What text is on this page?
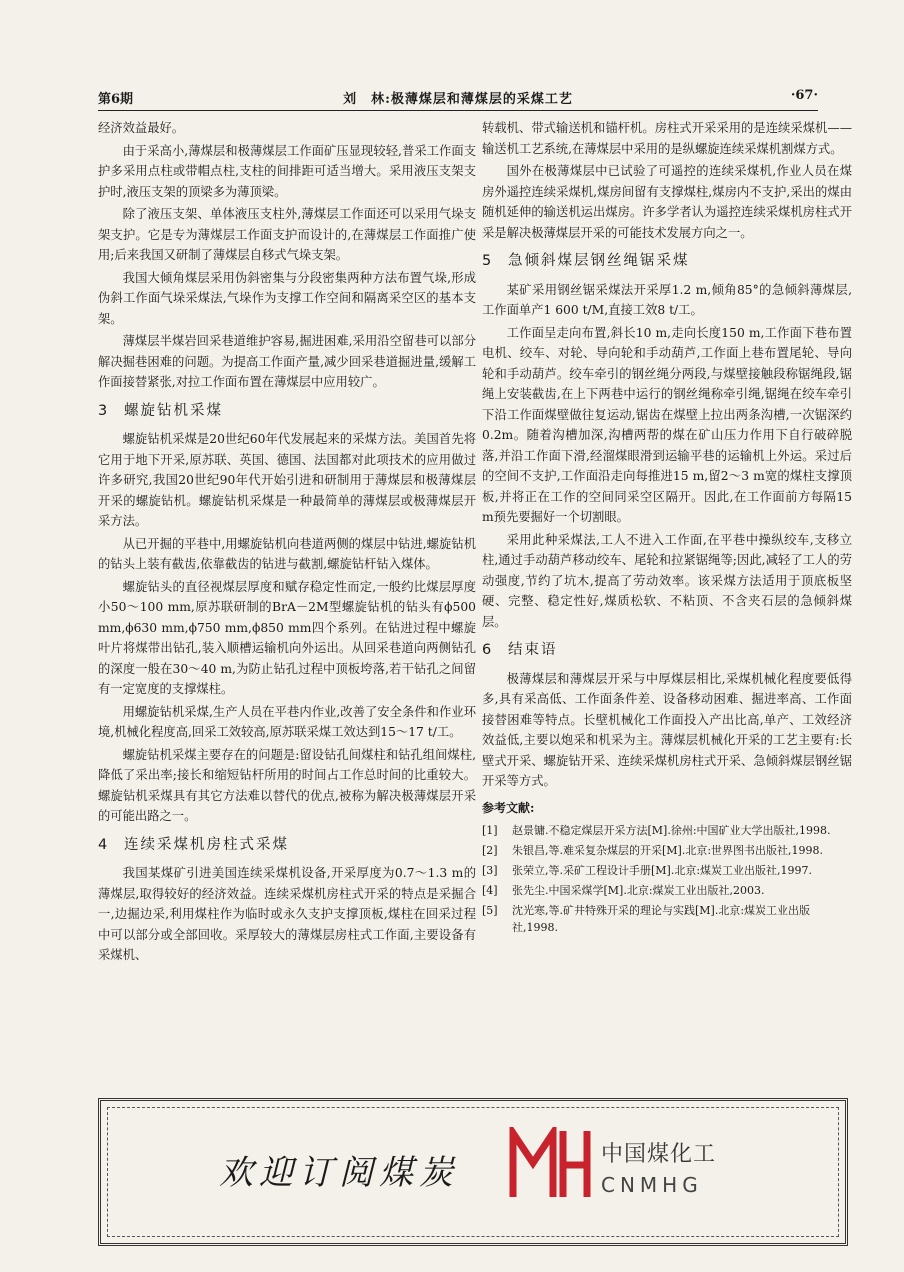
第6期	刘　林:极薄煤层和薄煤层的采煤工艺	·67·

经济效益最好。

由于采高小,薄煤层和极薄煤层工作面矿压显现较轻,普采工作面支护多采用点柱或带帽点柱,支柱的间排距可适当增大。采用液压支架支护时,液压支架的顶梁多为薄顶梁。

除了液压支架、单体液压支柱外,薄煤层工作面还可以采用气垛支架支护。它是专为薄煤层工作面支护而设计的,在薄煤层工作面推广使用;后来我国又研制了薄煤层自移式气垛支架。

我国大倾角煤层采用伪斜密集与分段密集两种方法布置气垛,形成伪斜工作面气垛采煤法,气垛作为支撑工作空间和隔离采空区的基本支架。

薄煤层半煤岩回采巷道维护容易,掘进困难,采用沿空留巷可以部分解决掘巷困难的问题。为提高工作面产量,减少回采巷道掘进量,缓解工作面接替紧张,对拉工作面布置在薄煤层中应用较广。

3 螺旋钻机采煤

螺旋钻机采煤是20世纪60年代发展起来的采煤方法。美国首先将它用于地下开采,原苏联、英国、德国、法国都对此项技术的应用做过许多研究,我国20世纪90年代开始引进和研制用于薄煤层和极薄煤层开采的螺旋钻机。螺旋钻机采煤是一种最简单的薄煤层或极薄煤层开采方法。

从已开掘的平巷中,用螺旋钻机向巷道两侧的煤层中钻进,螺旋钻机的钻头上装有截齿,依靠截齿的钻进与截割,螺旋钻杆钻入煤体。

螺旋钻头的直径视煤层厚度和赋存稳定性而定,一般约比煤层厚度小50～100 mm,原苏联研制的BrA－2M型螺旋钻机的钻头有ϕ500 mm,ϕ630 mm,ϕ750 mm,ϕ850 mm四个系列。在钻进过程中螺旋叶片将煤带出钻孔,装入顺槽运输机向外运出。从回采巷道向两侧钻孔的深度一般在30～40 m,为防止钻孔过程中顶板垮落,若干钻孔之间留有一定宽度的支撑煤柱。

用螺旋钻机采煤,生产人员在平巷内作业,改善了安全条件和作业环境,机械化程度高,回采工效较高,原苏联采煤工效达到15～17 t/工。

螺旋钻机采煤主要存在的问题是:留设钻孔间煤柱和钻孔组间煤柱,降低了采出率;接长和缩短钻杆所用的时间占工作总时间的比重较大。螺旋钻机采煤具有其它方法难以替代的优点,被称为解决极薄煤层开采的可能出路之一。

4 连续采煤机房柱式采煤

我国某煤矿引进美国连续采煤机设备,开采厚度为0.7～1.3 m的薄煤层,取得较好的经济效益。连续采煤机房柱式开采的特点是采掘合一,边掘边采,利用煤柱作为临时或永久支护支撑顶板,煤柱在回采过程中可以部分或全部回收。采厚较大的薄煤层房柱式工作面,主要设备有采煤机、

转载机、带式输送机和锚杆机。房柱式开采采用的是连续采煤机——输送机工艺系统,在薄煤层中采用的是纵螺旋连续采煤机割煤方式。

国外在极薄煤层中已试验了可遥控的连续采煤机,作业人员在煤房外遥控连续采煤机,煤房间留有支撑煤柱,煤房内不支护,采出的煤由随机延伸的输送机运出煤房。许多学者认为遥控连续采煤机房柱式开采是解决极薄煤层开采的可能技术发展方向之一。

5 急倾斜煤层钢丝绳锯采煤

某矿采用钢丝锯采煤法开采厚1.2 m,倾角85°的急倾斜薄煤层,工作面单产1 600 t/M,直接工效8 t/工。

工作面呈走向布置,斜长10 m,走向长度150 m,工作面下巷布置电机、绞车、对轮、导向轮和手动葫芦,工作面上巷布置尾轮、导向轮和手动葫芦。绞车牵引的钢丝绳分两段,与煤壁接触段称锯绳段,锯绳上安装截齿,在上下两巷中运行的钢丝绳称牵引绳,锯绳在绞车牵引下沿工作面煤壁做往复运动,锯齿在煤壁上拉出两条沟槽,一次锯深约0.2m。随着沟槽加深,沟槽两帮的煤在矿山压力作用下自行破碎脱落,并沿工作面下滑,经溜煤眼滑到运输平巷的运输机上外运。采过后的空间不支护,工作面沿走向每推进15 m,留2～3 m宽的煤柱支撑顶板,并将正在工作的空间同采空区隔开。因此,在工作面前方每隔15 m预先要掘好一个切割眼。

采用此种采煤法,工人不进入工作面,在平巷中操纵绞车,支移立柱,通过手动葫芦移动绞车、尾轮和拉紧锯绳等;因此,减轻了工人的劳动强度,节约了坑木,提高了劳动效率。该采煤方法适用于顶底板坚硬、完整、稳定性好,煤质松软、不粘顶、不含夹石层的急倾斜煤层。

6 结束语

极薄煤层和薄煤层开采与中厚煤层相比,采煤机械化程度要低得多,具有采高低、工作面条件差、设备移动困难、掘进率高、工作面接替困难等特点。长壁机械化工作面投入产出比高,单产、工效经济效益低,主要以炮采和机采为主。薄煤层机械化开采的工艺主要有:长壁式开采、螺旋钻开采、连续采煤机房柱式开采、急倾斜煤层钢丝锯开采等方式。

参考文献:
[1]	赵景镛.不稳定煤层开采方法[M].徐州:中国矿业大学出版社,1998.
[2]	朱银昌,等.难采复杂煤层的开采[M].北京:世界图书出版社,1998.
[3]	张荣立,等.采矿工程设计手册[M].北京:煤炭工业出版社,1997.
[4]	张先尘.中国采煤学[M].北京:煤炭工业出版社,2003.
[5]	沈光寒,等.矿井特殊开采的理论与实践[M].北京:煤炭工业出版社,1998.
欢迎订阅煤炭	中国煤化工
CNMHG
